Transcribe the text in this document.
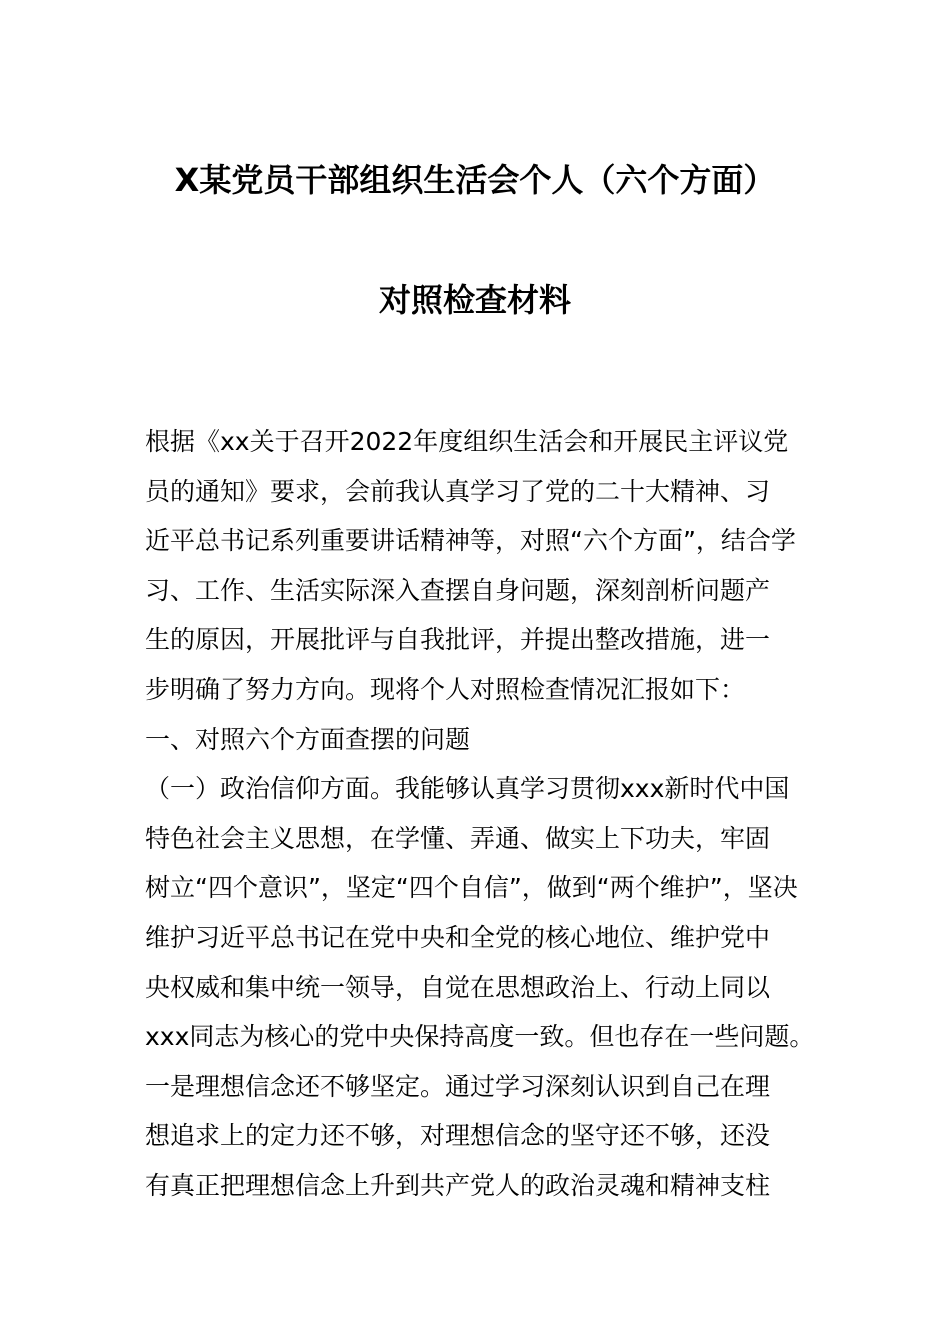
X某党员干部组织生活会个人（六个方面）
对照检查材料
根据《xx关于召开2022年度组织生活会和开展民主评议党
员的通知》要求，会前我认真学习了党的二十大精神、习
近平总书记系列重要讲话精神等，对照“六个方面”，结合学
习、工作、生活实际深入查摆自身问题，深刻剖析问题产
生的原因，开展批评与自我批评，并提出整改措施，进一
步明确了努力方向。现将个人对照检查情况汇报如下：
一、对照六个方面查摆的问题
（一）政治信仰方面。我能够认真学习贯彻xxx新时代中国
特色社会主义思想，在学懂、弄通、做实上下功夫，牢固
树立“四个意识”，坚定“四个自信”，做到“两个维护”，坚决
维护习近平总书记在党中央和全党的核心地位、维护党中
央权威和集中统一领导，自觉在思想政治上、行动上同以
xxx同志为核心的党中央保持高度一致。但也存在一些问题。
一是理想信念还不够坚定。通过学习深刻认识到自己在理
想追求上的定力还不够，对理想信念的坚守还不够，还没
有真正把理想信念上升到共产党人的政治灵魂和精神支柱
